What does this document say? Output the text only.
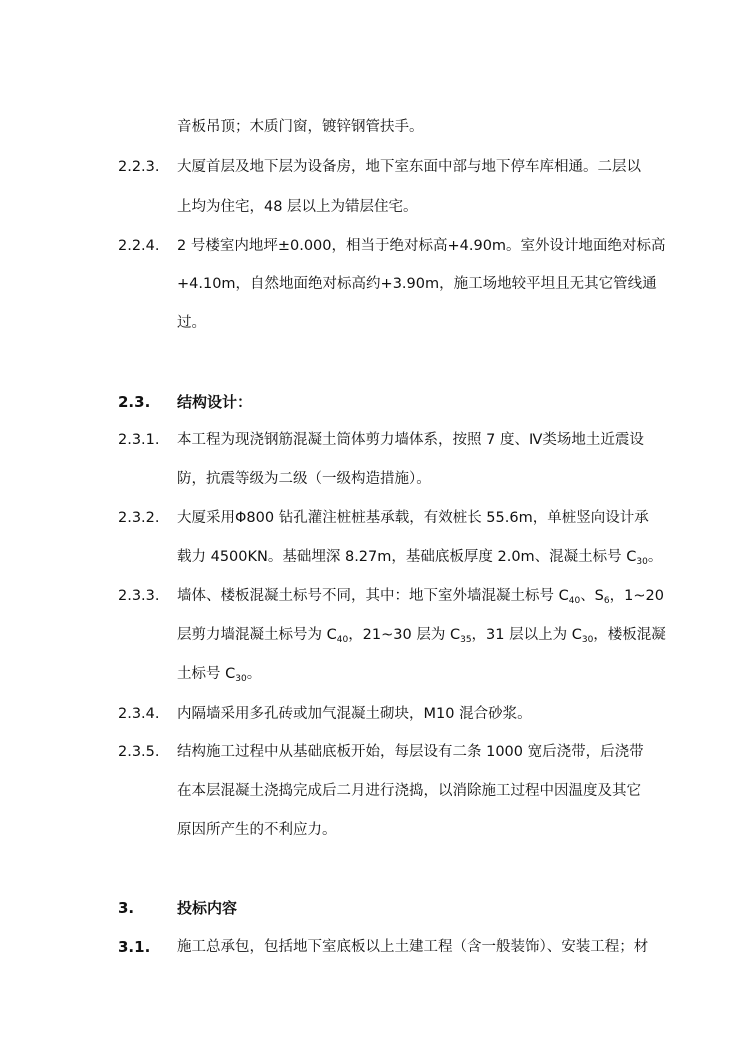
音板吊顶；木质门窗，镀锌钢管扶手。
2.2.3. 大厦首层及地下层为设备房，地下室东面中部与地下停车库相通。二层以
上均为住宅，48 层以上为错层住宅。
2.2.4. 2 号楼室内地坪±0.000，相当于绝对标高+4.90m。室外设计地面绝对标高
+4.10m，自然地面绝对标高约+3.90m，施工场地较平坦且无其它管线通
过。
2.3. 结构设计：
2.3.1. 本工程为现浇钢筋混凝土筒体剪力墙体系，按照 7 度、Ⅳ类场地土近震设
防，抗震等级为二级（一级构造措施）。
2.3.2. 大厦采用Φ800 钻孔灌注桩桩基承载，有效桩长 55.6m，单桩竖向设计承
载力 4500KN。基础埋深 8.27m，基础底板厚度 2.0m、混凝土标号 $C_{30}$。
2.3.3. 墙体、楼板混凝土标号不同，其中：地下室外墙混凝土标号 $C_{40}$、$S_6$，1~20
层剪力墙混凝土标号为 $C_{40}$，21~30 层为 $C_{35}$，31 层以上为 $C_{30}$，楼板混凝
土标号 $C_{30}$。
2.3.4. 内隔墙采用多孔砖或加气混凝土砌块，M10 混合砂浆。
2.3.5. 结构施工过程中从基础底板开始，每层设有二条 1000 宽后浇带，后浇带
在本层混凝土浇捣完成后二月进行浇捣，以消除施工过程中因温度及其它
原因所产生的不利应力。
3.	投标内容
3.1. 施工总承包，包括地下室底板以上土建工程（含一般装饰）、安装工程；材
